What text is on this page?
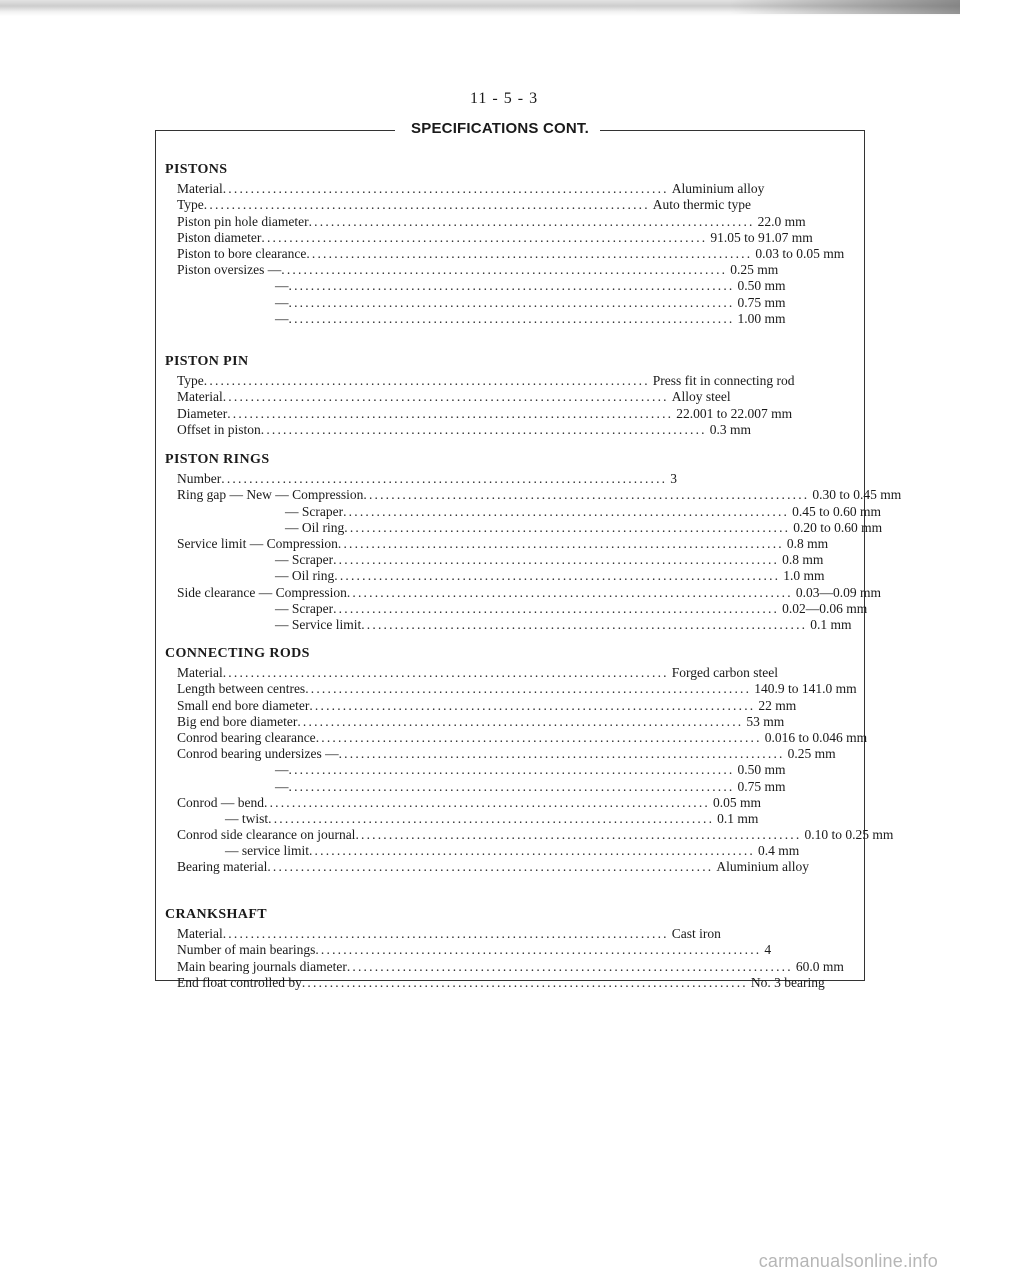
11 - 5 - 3
SPECIFICATIONS CONT.
PISTONS
Material ................................................................................ Aluminium alloy
Type ................................................................................ Auto thermic type
Piston pin hole diameter ................................................................................ 22.0 mm
Piston diameter ................................................................................ 91.05 to 91.07 mm
Piston to bore clearance ................................................................................ 0.03 to 0.05 mm
Piston oversizes — ................................................................................ 0.25 mm
— ................................................................................ 0.50 mm
— ................................................................................ 0.75 mm
— ................................................................................ 1.00 mm
PISTON PIN
Type ................................................................................ Press fit in connecting rod
Material ................................................................................ Alloy steel
Diameter ................................................................................ 22.001 to 22.007 mm
Offset in piston ................................................................................ 0.3 mm
PISTON RINGS
Number ................................................................................ 3
Ring gap — New — Compression ................................................................................ 0.30 to 0.45 mm
— Scraper ................................................................................ 0.45 to 0.60 mm
— Oil ring ................................................................................ 0.20 to 0.60 mm
Service limit — Compression ................................................................................ 0.8 mm
— Scraper ................................................................................ 0.8 mm
— Oil ring ................................................................................ 1.0 mm
Side clearance — Compression ................................................................................ 0.03—0.09 mm
— Scraper ................................................................................ 0.02—0.06 mm
— Service limit ................................................................................ 0.1 mm
CONNECTING RODS
Material ................................................................................ Forged carbon steel
Length between centres ................................................................................ 140.9 to 141.0 mm
Small end bore diameter ................................................................................ 22 mm
Big end bore diameter ................................................................................ 53 mm
Conrod bearing clearance ................................................................................ 0.016 to 0.046 mm
Conrod bearing undersizes — ................................................................................ 0.25 mm
— ................................................................................ 0.50 mm
— ................................................................................ 0.75 mm
Conrod — bend ................................................................................ 0.05 mm
— twist ................................................................................ 0.1 mm
Conrod side clearance on journal ................................................................................ 0.10 to 0.25 mm
— service limit ................................................................................ 0.4 mm
Bearing material ................................................................................ Aluminium alloy
CRANKSHAFT
Material ................................................................................ Cast iron
Number of main bearings ................................................................................ 4
Main bearing journals diameter ................................................................................ 60.0 mm
End float controlled by ................................................................................ No. 3 bearing
carmanualsonline.info
